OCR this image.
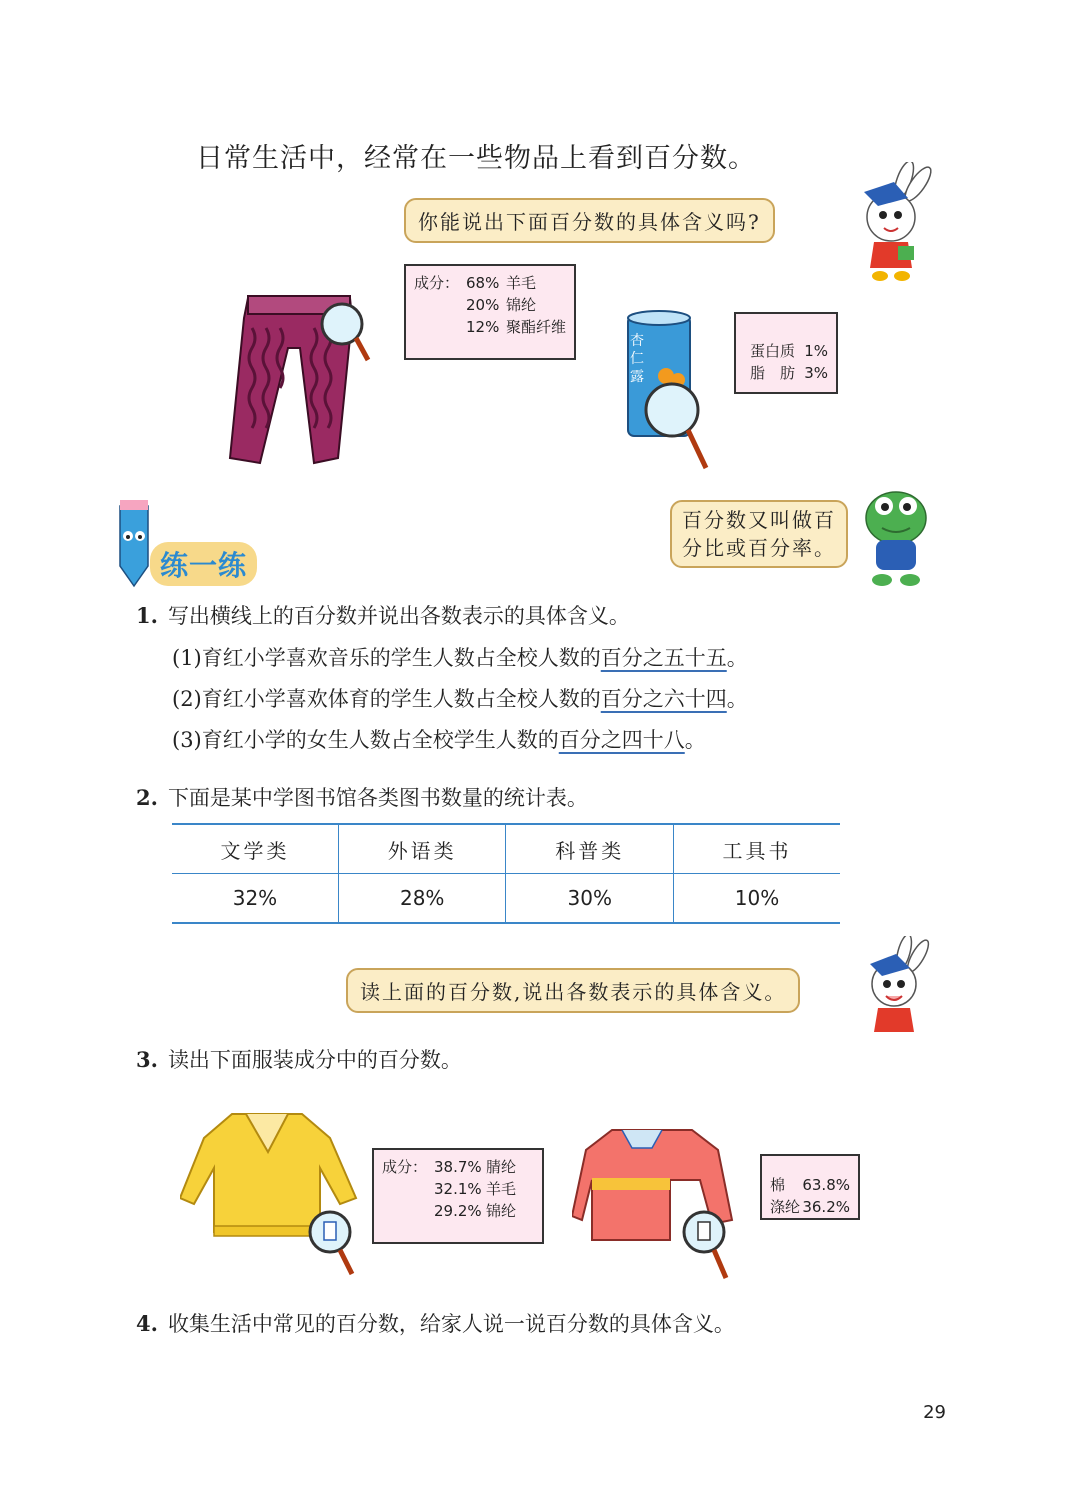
日常生活中，经常在一些物品上看到百分数。
你能说出下面百分数的具体含义吗?
成分： 68% 羊毛
20% 锦纶
12% 聚酯纤维
杏仁露
蛋白质 1%
脂　肪 3%
百分数又叫做百
分比或百分率。
练一练
1. 写出横线上的百分数并说出各数表示的具体含义。
(1)育红小学喜欢音乐的学生人数占全校人数的百分之五十五。
(2)育红小学喜欢体育的学生人数占全校人数的百分之六十四。
(3)育红小学的女生人数占全校学生人数的百分之四十八。
2. 下面是某中学图书馆各类图书数量的统计表。
文学类	外语类	科普类	工具书
32%	28%	30%	10%
读上面的百分数,说出各数表示的具体含义。
3. 读出下面服装成分中的百分数。
成分： 38.7% 腈纶
32.1% 羊毛
29.2% 锦纶
棉	63.8%
涤纶 36.2%
4. 收集生活中常见的百分数，给家人说一说百分数的具体含义。
29
